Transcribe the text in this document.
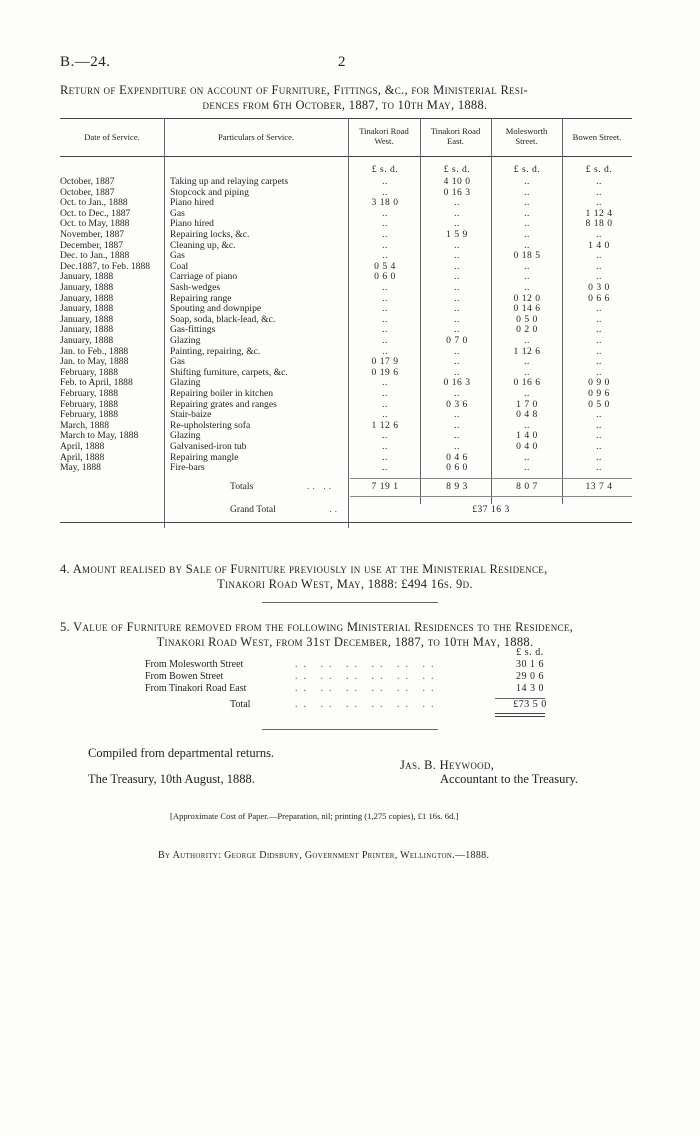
B.—24.	2
Return of Expenditure on account of Furniture, Fittings, &c., for Ministerial Resi-
dences from 6th October, 1887, to 10th May, 1888.
Date of Service.	Particulars of Service.
Tinakori Road
West.
Tinakori Road
East.
Molesworth
Street.	Bowen Street.
£ s. d.	£ s. d.	£ s. d.	£ s. d.
October, 1887	Taking up and relaying carpets	..	4 10 0	..	..
October, 1887	Stopcock and piping	..	0 16 3	..	..
Oct. to Jan., 1888	Piano hired	3 18 0	..	..	..
Oct. to Dec., 1887	Gas	..	..	..	1 12 4
Oct. to May, 1888	Piano hired	..	..	..	8 18 0
November, 1887	Repairing locks, &c.	..	1 5 9	..	..
December, 1887	Cleaning up, &c.	..	..	..	1 4 0
Dec. to Jan., 1888	Gas	..	..	0 18 5	..
Dec.1887, to Feb. 1888	Coal	0 5 4	..	..	..
January, 1888	Carriage of piano	0 6 0	..	..	..
January, 1888	Sash-wedges	..	..	..	0 3 0
January, 1888	Repairing range	..	..	0 12 0	0 6 6
January, 1888	Spouting and downpipe	..	..	0 14 6	..
January, 1888	Soap, soda, black-lead, &c.	..	..	0 5 0	..
January, 1888	Gas-fittings	..	..	0 2 0	..
January, 1888	Glazing	..	0 7 0	..	..
Jan. to Feb., 1888	Painting, repairing, &c.	..	..	1 12 6	..
Jan. to May, 1888	Gas	0 17 9	..	..	..
February, 1888	Shifting furniture, carpets, &c.	0 19 6	..	..	..
Feb. to April, 1888	Glazing	..	0 16 3	0 16 6	0 9 0
February, 1888	Repairing boiler in kitchen	..	..	..	0 9 6
February, 1888	Repairing grates and ranges	..	0 3 6	1 7 0	0 5 0
February, 1888	Stair-baize	..	..	0 4 8	..
March, 1888	Re-upholstering sofa	1 12 6	..	..	..
March to May, 1888	Glazing	..	..	1 4 0	..
April, 1888	Galvanised-iron tub	..	..	0 4 0	..
April, 1888	Repairing mangle	..	0 4 6	..	..
May, 1888	Fire-bars	..	0 6 0	..	..
Totals	.. ..	7 19 1	8 9 3	8 0 7	13 7 4
Grand Total	..	£37 16 3
4. Amount realised by Sale of Furniture previously in use at the Ministerial Residence,
Tinakori Road West, May, 1888: £494 16s. 9d.
5. Value of Furniture removed from the following Ministerial Residences to the Residence,
Tinakori Road West, from 31st December, 1887, to 10th May, 1888.
£ s. d.
From Molesworth Street	.. .. .. .. .. ..	30 1 6
From Bowen Street	.. .. .. .. .. ..	29 0 6
From Tinakori Road East	.. .. .. .. .. ..	14 3 0
Total	.. .. .. .. .. ..	£73 5 0
Compiled from departmental returns.
Jas. B. Heywood,
The Treasury, 10th August, 1888.	Accountant to the Treasury.
[Approximate Cost of Paper.—Preparation, nil; printing (1,275 copies), £1 16s. 6d.]
By Authority: George Didsbury, Government Printer, Wellington.—1888.
